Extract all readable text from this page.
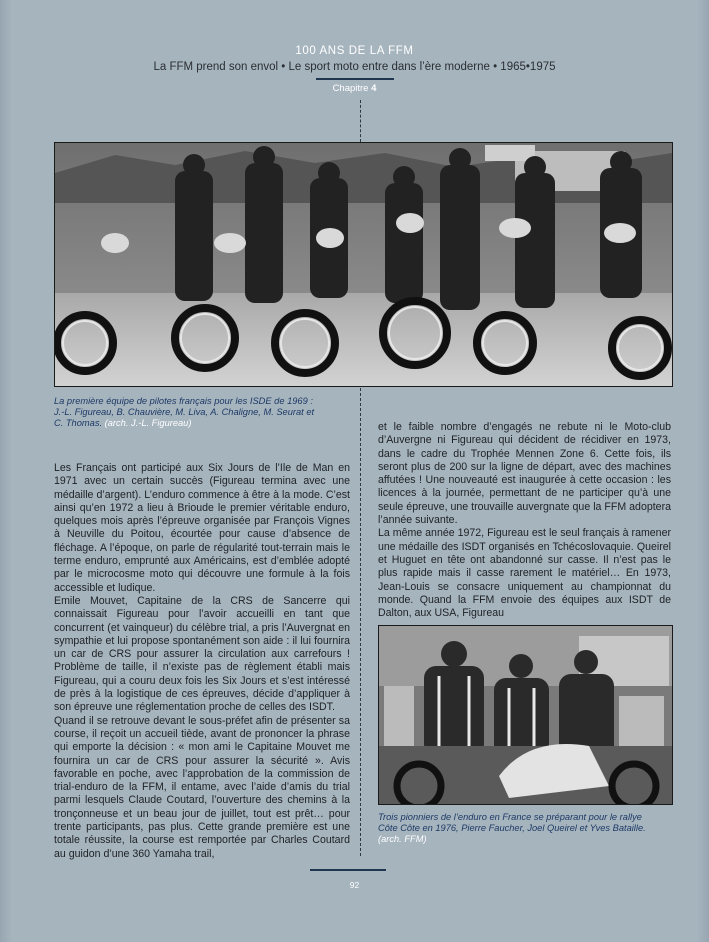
100 ANS DE LA FFM
La FFM prend son envol • Le sport moto entre dans l’ère moderne • 1965•1975
Chapitre 4
La première équipe de pilotes français pour les ISDE de 1969 : J.-L. Figureau, B. Chauvière, M. Liva, A. Chaligne, M. Seurat et C. Thomas. (arch. J.-L. Figureau)

Les Français ont participé aux Six Jours de l’Ile de Man en 1971 avec un certain succès (Figureau termina avec une médaille d’argent). L’enduro commence à être à la mode. C’est ainsi qu’en 1972 a lieu à Brioude le premier véritable enduro, quelques mois après l’épreuve organisée par François Vignes à Neuville du Poitou, écourtée pour cause d’absence de fléchage. A l’époque, on parle de régularité tout-terrain mais le terme enduro, emprunté aux Américains, est d’emblée adopté par le microcosme moto qui découvre une formule à la fois accessible et ludique.

Emile Mouvet, Capitaine de la CRS de Sancerre qui connaissait Figureau pour l’avoir accueilli en tant que concurrent (et vainqueur) du célèbre trial, a pris l’Auvergnat en sympathie et lui propose spontanément son aide : il lui fournira un car de CRS pour assurer la circulation aux carrefours ! Problème de taille, il n’existe pas de règlement établi mais Figureau, qui a couru deux fois les Six Jours et s’est intéressé de près à la logistique de ces épreuves, décide d’appliquer à son épreuve une réglementation proche de celles des ISDT.

Quand il se retrouve devant le sous-préfet afin de présenter sa course, il reçoit un accueil tiède, avant de prononcer la phrase qui emporte la décision : « mon ami le Capitaine Mouvet me fournira un car de CRS pour assurer la sécurité ». Avis favorable en poche, avec l’approbation de la commission de trial-enduro de la FFM, il entame, avec l’aide d’amis du trial parmi lesquels Claude Coutard, l’ouverture des chemins à la tronçonneuse et un beau jour de juillet, tout est prêt… pour trente participants, pas plus. Cette grande première est une totale réussite, la course est remportée par Charles Coutard au guidon d’une 360 Yamaha trail,

et le faible nombre d’engagés ne rebute ni le Moto-club d’Auvergne ni Figureau qui décident de récidiver en 1973, dans le cadre du Trophée Mennen Zone 6. Cette fois, ils seront plus de 200 sur la ligne de départ, avec des machines affutées ! Une nouveauté est inaugurée à cette occasion : les licences à la journée, permettant de ne participer qu’à une seule épreuve, une trouvaille auvergnate que la FFM adoptera l’année suivante.

La même année 1972, Figureau est le seul français à ramener une médaille des ISDT organisés en Tchécoslovaquie. Queirel et Huguet en tête ont abandonné sur casse. Il n’est pas le plus rapide mais il casse rarement le matériel… En 1973, Jean-Louis se consacre uniquement au championnat du monde. Quand la FFM envoie des équipes aux ISDT de Dalton, aux USA, Figureau

Trois pionniers de l’enduro en France se préparant pour le rallye Côte Côte en 1976, Pierre Faucher, Joel Queirel et Yves Bataille. (arch. FFM)
92
